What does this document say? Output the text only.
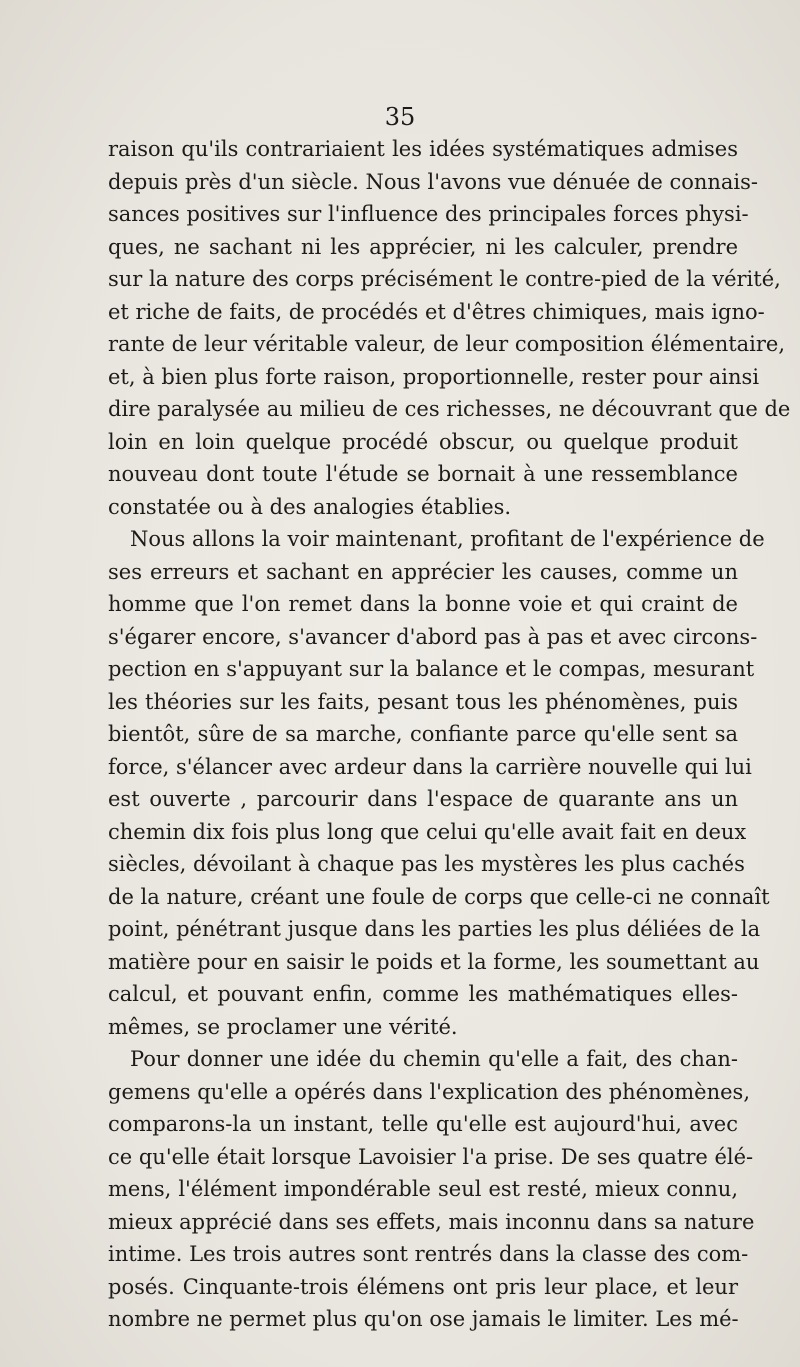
35
raison qu'ils contrariaient les idées systématiques admises
depuis près d'un siècle. Nous l'avons vue dénuée de connais-
sances positives sur l'influence des principales forces physi-
ques, ne sachant ni les apprécier, ni les calculer, prendre
sur la nature des corps précisément le contre-pied de la vérité,
et riche de faits, de procédés et d'êtres chimiques, mais igno-
rante de leur véritable valeur, de leur composition élémentaire,
et, à bien plus forte raison, proportionnelle, rester pour ainsi
dire paralysée au milieu de ces richesses, ne découvrant que de
loin en loin quelque procédé obscur, ou quelque produit
nouveau dont toute l'étude se bornait à une ressemblance
constatée ou à des analogies établies.
Nous allons la voir maintenant, profitant de l'expérience de
ses erreurs et sachant en apprécier les causes, comme un
homme que l'on remet dans la bonne voie et qui craint de
s'égarer encore, s'avancer d'abord pas à pas et avec circons-
pection en s'appuyant sur la balance et le compas, mesurant
les théories sur les faits, pesant tous les phénomènes, puis
bientôt, sûre de sa marche, confiante parce qu'elle sent sa
force, s'élancer avec ardeur dans la carrière nouvelle qui lui
est ouverte , parcourir dans l'espace de quarante ans un
chemin dix fois plus long que celui qu'elle avait fait en deux
siècles, dévoilant à chaque pas les mystères les plus cachés
de la nature, créant une foule de corps que celle-ci ne connaît
point, pénétrant jusque dans les parties les plus déliées de la
matière pour en saisir le poids et la forme, les soumettant au
calcul, et pouvant enfin, comme les mathématiques elles-
mêmes, se proclamer une vérité.
Pour donner une idée du chemin qu'elle a fait, des chan-
gemens qu'elle a opérés dans l'explication des phénomènes,
comparons-la un instant, telle qu'elle est aujourd'hui, avec
ce qu'elle était lorsque Lavoisier l'a prise. De ses quatre élé-
mens, l'élément impondérable seul est resté, mieux connu,
mieux apprécié dans ses effets, mais inconnu dans sa nature
intime. Les trois autres sont rentrés dans la classe des com-
posés. Cinquante-trois élémens ont pris leur place, et leur
nombre ne permet plus qu'on ose jamais le limiter. Les mé-
